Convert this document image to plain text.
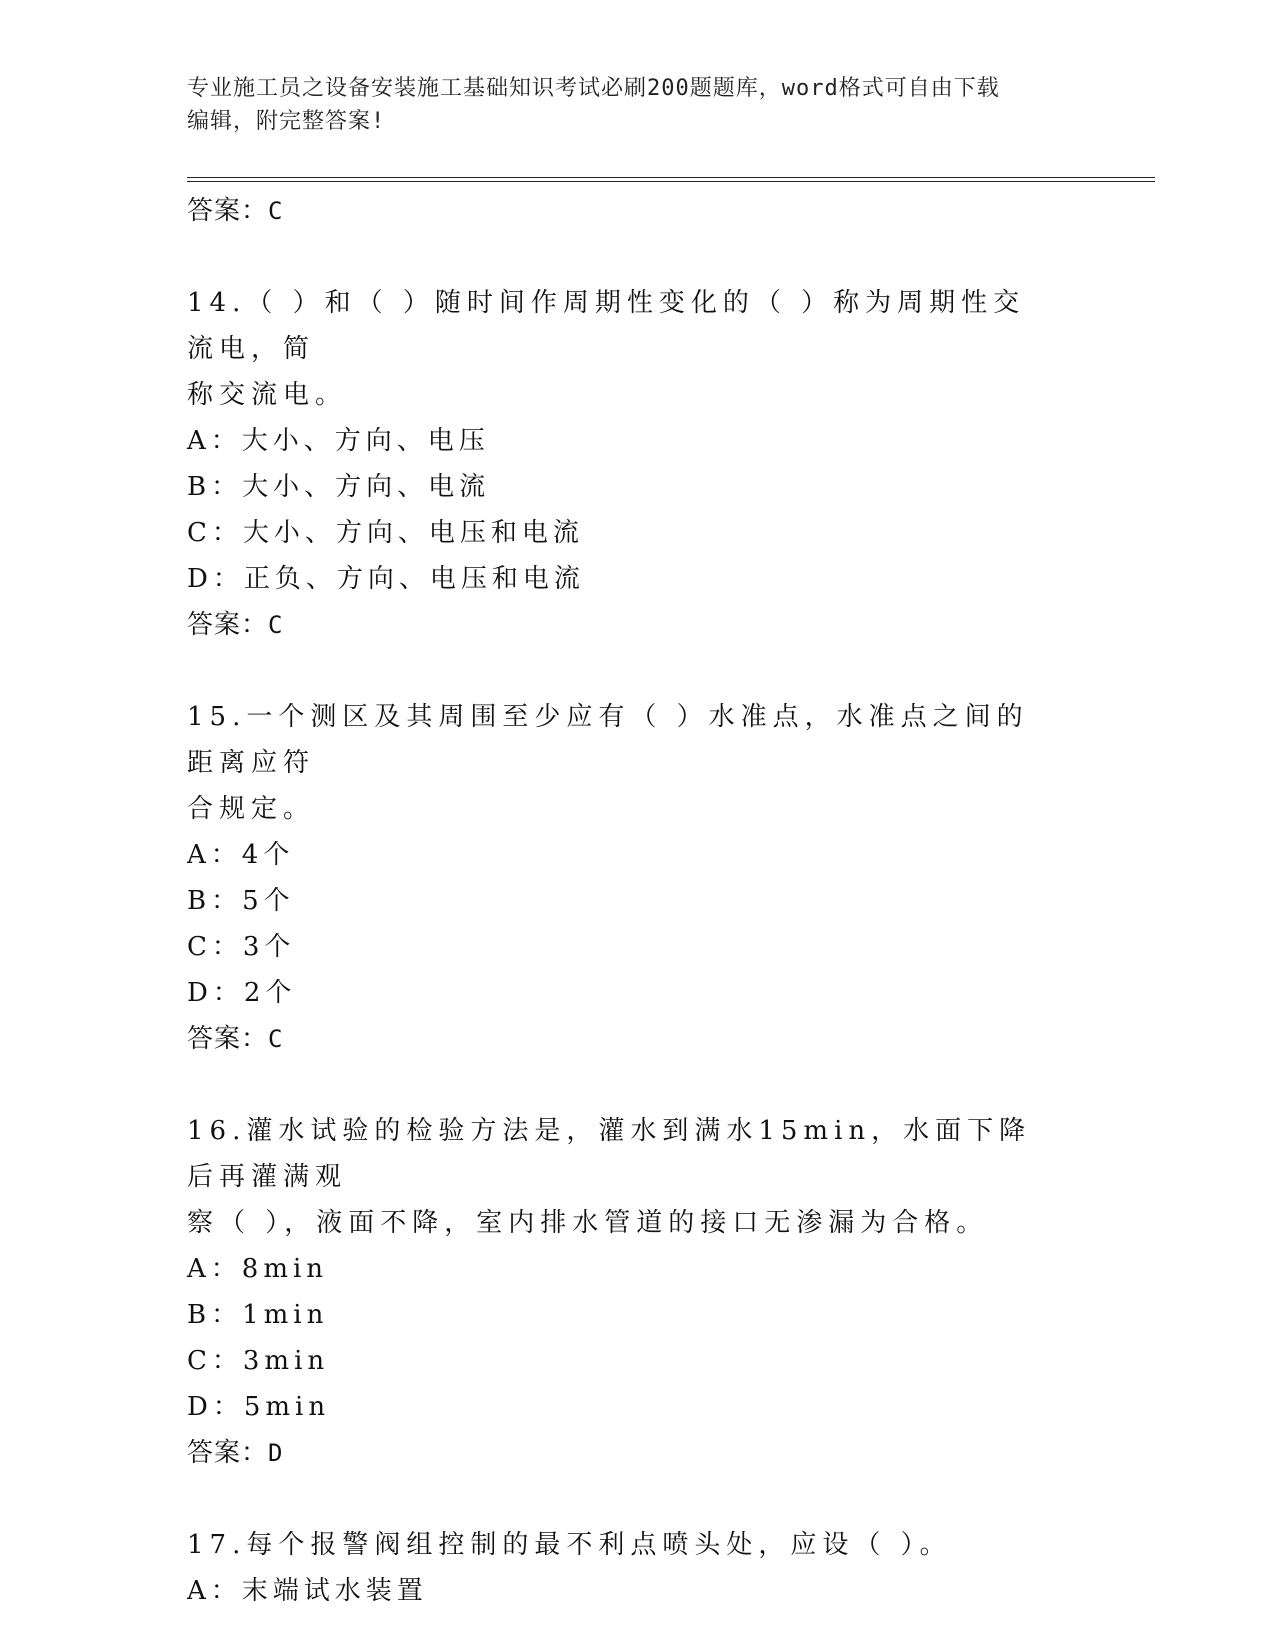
专业施工员之设备安装施工基础知识考试必刷200题题库，word格式可自由下载
编辑，附完整答案!
答案：C
14.（ ）和（ ）随时间作周期性变化的（ ）称为周期性交流电，简
称交流电。
A：大小、方向、电压
B：大小、方向、电流
C：大小、方向、电压和电流
D：正负、方向、电压和电流
答案：C
15.一个测区及其周围至少应有（ ）水准点，水准点之间的距离应符
合规定。
A：4个
B：5个
C：3个
D：2个
答案：C
16.灌水试验的检验方法是，灌水到满水15min，水面下降后再灌满观
察（ ），液面不降，室内排水管道的接口无渗漏为合格。
A：8min
B：1min
C：3min
D：5min
答案：D
17.每个报警阀组控制的最不利点喷头处，应设（ ）。
A：末端试水装置
